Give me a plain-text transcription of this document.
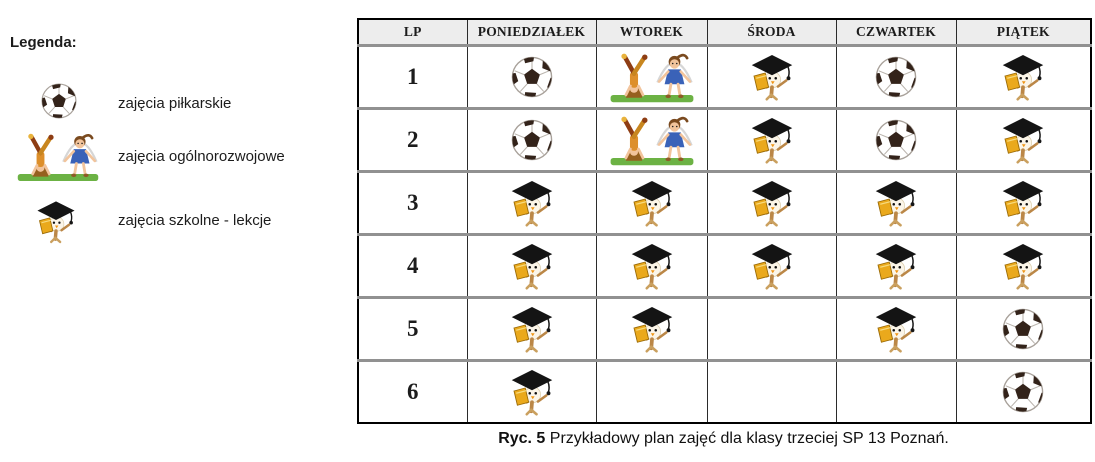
Legenda:
zajęcia piłkarskie
zajęcia ogólnorozwojowe
zajęcia szkolne - lekcje
LP	PONIEDZIAŁEK	WTOREK	ŚRODA	CZWARTEK	PIĄTEK
1					
2					
3					
4					
5					
6					
Ryc. 5 Przykładowy plan zajęć dla klasy trzeciej SP 13 Poznań.
